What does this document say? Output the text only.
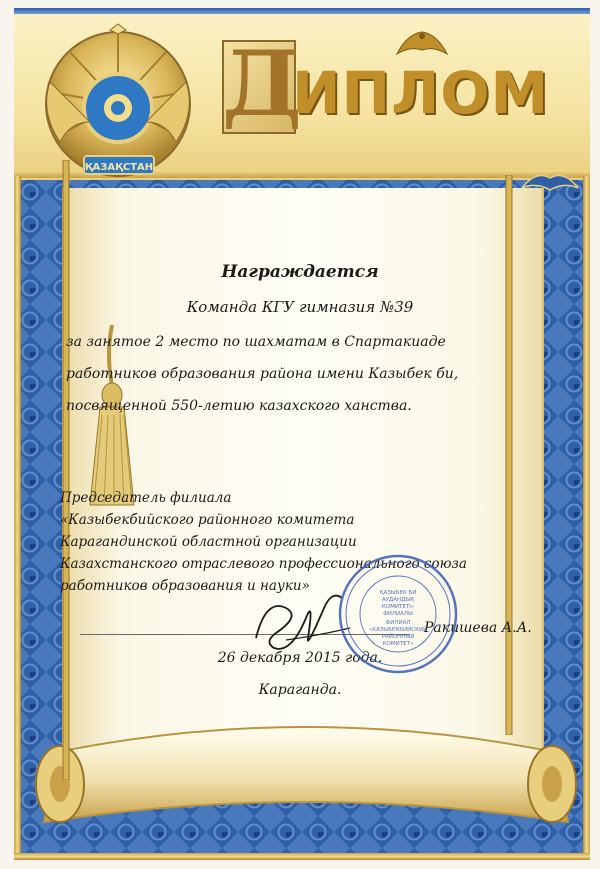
ҚАЗАҚСТАН
Д
ИПЛОМ
Награждается
Команда КГУ гимназия №39
за занятое 2 место по шахматам в Спартакиаде
работников образования района имени Казыбек би,
посвященной 550-летию казахского ханства.
Председатель филиала
«Казыбекбийского районного комитета
Карагандинской областной организации
Казахстанского отраслевого профессионального союза
работников образования и науки»
Ракишева А.А.
26 декабря 2015 года.
Караганда.
ҚАЗЫБЕК БИ
АУДАНДЫҚ
КОМИТЕТІ»
ФИЛИАЛЫ
ФИЛИАЛ
«КАЗЫБЕКБИЙСКИЙ
РАЙОННЫЙ
КОМИТЕТ»
